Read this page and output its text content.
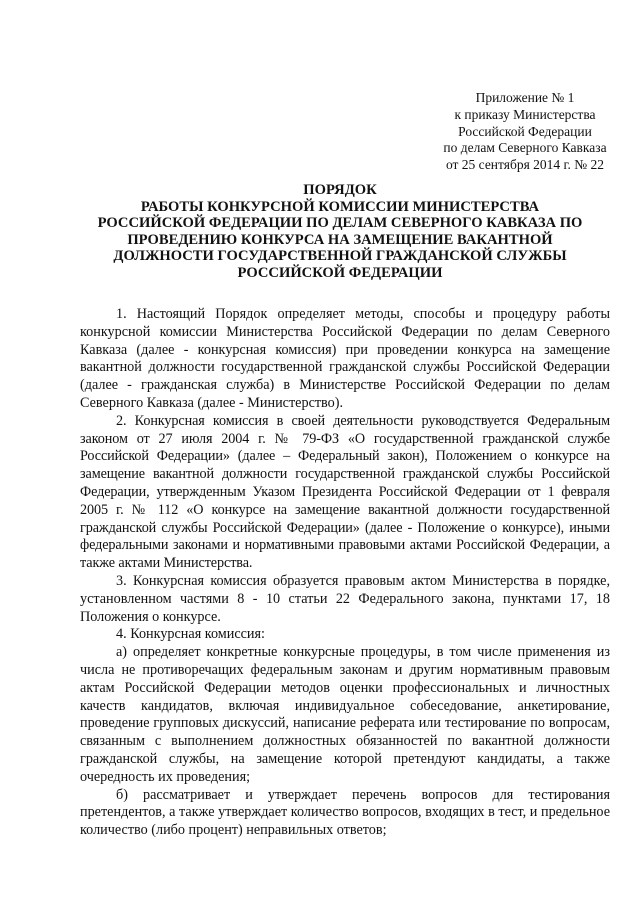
Приложение № 1
к приказу Министерства
Российской Федерации
по делам Северного Кавказа
от 25 сентября 2014 г. № 22
ПОРЯДОК
РАБОТЫ КОНКУРСНОЙ КОМИССИИ МИНИСТЕРСТВА
РОССИЙСКОЙ ФЕДЕРАЦИИ ПО ДЕЛАМ СЕВЕРНОГО КАВКАЗА ПО
ПРОВЕДЕНИЮ КОНКУРСА НА ЗАМЕЩЕНИЕ ВАКАНТНОЙ
ДОЛЖНОСТИ ГОСУДАРСТВЕННОЙ ГРАЖДАНСКОЙ СЛУЖБЫ
РОССИЙСКОЙ ФЕДЕРАЦИИ

1. Настоящий Порядок определяет методы, способы и процедуру работы конкурсной комиссии Министерства Российской Федерации по делам Северного Кавказа (далее - конкурсная комиссия) при проведении конкурса на замещение вакантной должности государственной гражданской службы Российской Федерации (далее - гражданская служба) в Министерстве Российской Федерации по делам Северного Кавказа (далее - Министерство).

2. Конкурсная комиссия в своей деятельности руководствуется Федеральным законом от 27 июля 2004 г. № 79-ФЗ «О государственной гражданской службе Российской Федерации» (далее – Федеральный закон), Положением о конкурсе на замещение вакантной должности государственной гражданской службы Российской Федерации, утвержденным Указом Президента Российской Федерации от 1 февраля 2005 г. № 112 «О конкурсе на замещение вакантной должности государственной гражданской службы Российской Федерации» (далее - Положение о конкурсе), иными федеральными законами и нормативными правовыми актами Российской Федерации, а также актами Министерства.

3. Конкурсная комиссия образуется правовым актом Министерства в порядке, установленном частями 8 - 10 статьи 22 Федерального закона, пунктами 17, 18 Положения о конкурсе.

4. Конкурсная комиссия:

а) определяет конкретные конкурсные процедуры, в том числе применения из числа не противоречащих федеральным законам и другим нормативным правовым актам Российской Федерации методов оценки профессиональных и личностных качеств кандидатов, включая индивидуальное собеседование, анкетирование, проведение групповых дискуссий, написание реферата или тестирование по вопросам, связанным с выполнением должностных обязанностей по вакантной должности гражданской службы, на замещение которой претендуют кандидаты, а также очередность их проведения;

б) рассматривает и утверждает перечень вопросов для тестирования претендентов, а также утверждает количество вопросов, входящих в тест, и предельное количество (либо процент) неправильных ответов;
